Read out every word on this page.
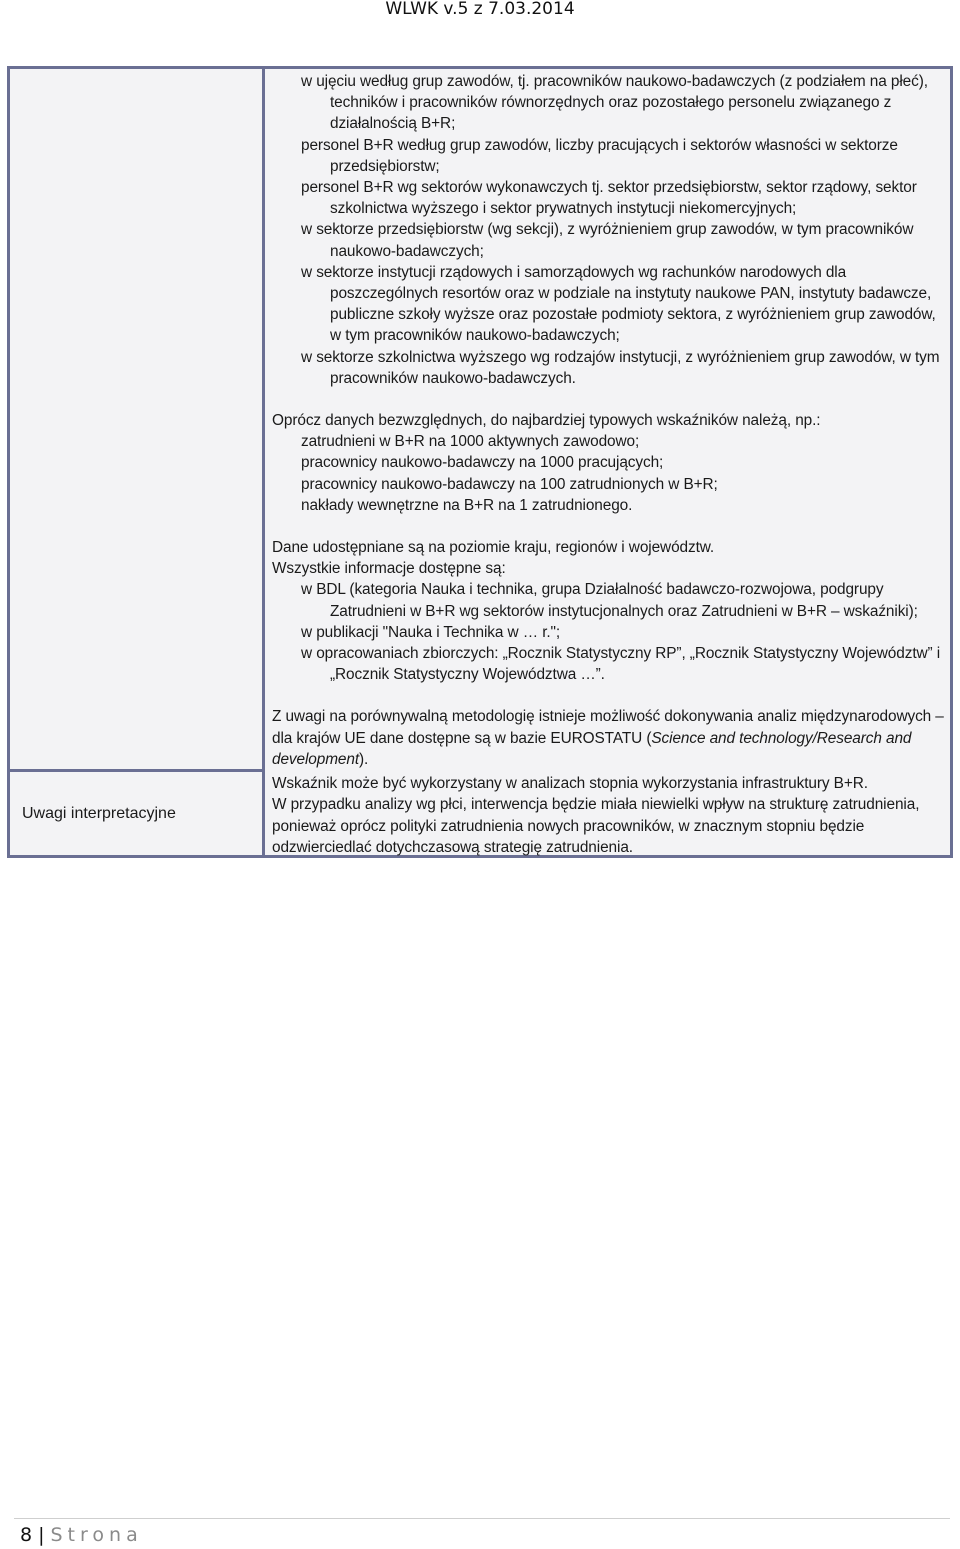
WLWK v.5 z 7.03.2014
Uwagi interpretacyjne
w ujęciu według grup zawodów, tj. pracowników naukowo-badawczych (z podziałem na płeć), techników i pracowników równorzędnych oraz pozostałego personelu związanego z działalnością B+R;
personel B+R według grup zawodów, liczby pracujących i sektorów własności w sektorze przedsiębiorstw;
personel B+R wg sektorów wykonawczych tj. sektor przedsiębiorstw, sektor rządowy, sektor szkolnictwa wyższego i sektor prywatnych instytucji niekomercyjnych;
w sektorze przedsiębiorstw (wg sekcji), z wyróżnieniem grup zawodów, w tym pracowników naukowo-badawczych;
w sektorze instytucji rządowych i samorządowych wg rachunków narodowych dla poszczególnych resortów oraz w podziale na instytuty naukowe PAN, instytuty badawcze, publiczne szkoły wyższe oraz pozostałe podmioty sektora, z wyróżnieniem grup zawodów, w tym pracowników naukowo-badawczych;
w sektorze szkolnictwa wyższego wg rodzajów instytucji, z wyróżnieniem grup zawodów, w tym pracowników naukowo-badawczych.
Oprócz danych bezwzględnych, do najbardziej typowych wskaźników należą, np.:
zatrudnieni w B+R na 1000 aktywnych zawodowo;
pracownicy naukowo-badawczy na 1000 pracujących;
pracownicy naukowo-badawczy na 100 zatrudnionych w B+R;
nakłady wewnętrzne na B+R na 1 zatrudnionego.
Dane udostępniane są na poziomie kraju, regionów i województw.
Wszystkie informacje dostępne są:
w BDL (kategoria Nauka i technika, grupa Działalność badawczo-rozwojowa, podgrupy Zatrudnieni w B+R wg sektorów instytucjonalnych oraz Zatrudnieni w B+R – wskaźniki);
w publikacji "Nauka i Technika w … r.";
w opracowaniach zbiorczych: „Rocznik Statystyczny RP”, „Rocznik Statystyczny Województw” i „Rocznik Statystyczny Województwa …”.
Z uwagi na porównywalną metodologię istnieje możliwość dokonywania analiz międzynarodowych – dla krajów UE dane dostępne są w bazie EUROSTATU (Science and technology/Research and development).
Wskaźnik może być wykorzystany w analizach stopnia wykorzystania infrastruktury B+R.
W przypadku analizy wg płci, interwencja będzie miała niewielki wpływ na strukturę zatrudnienia, ponieważ oprócz polityki zatrudnienia nowych pracowników, w znacznym stopniu będzie odzwierciedlać dotychczasową strategię zatrudnienia.
8 | Strona
